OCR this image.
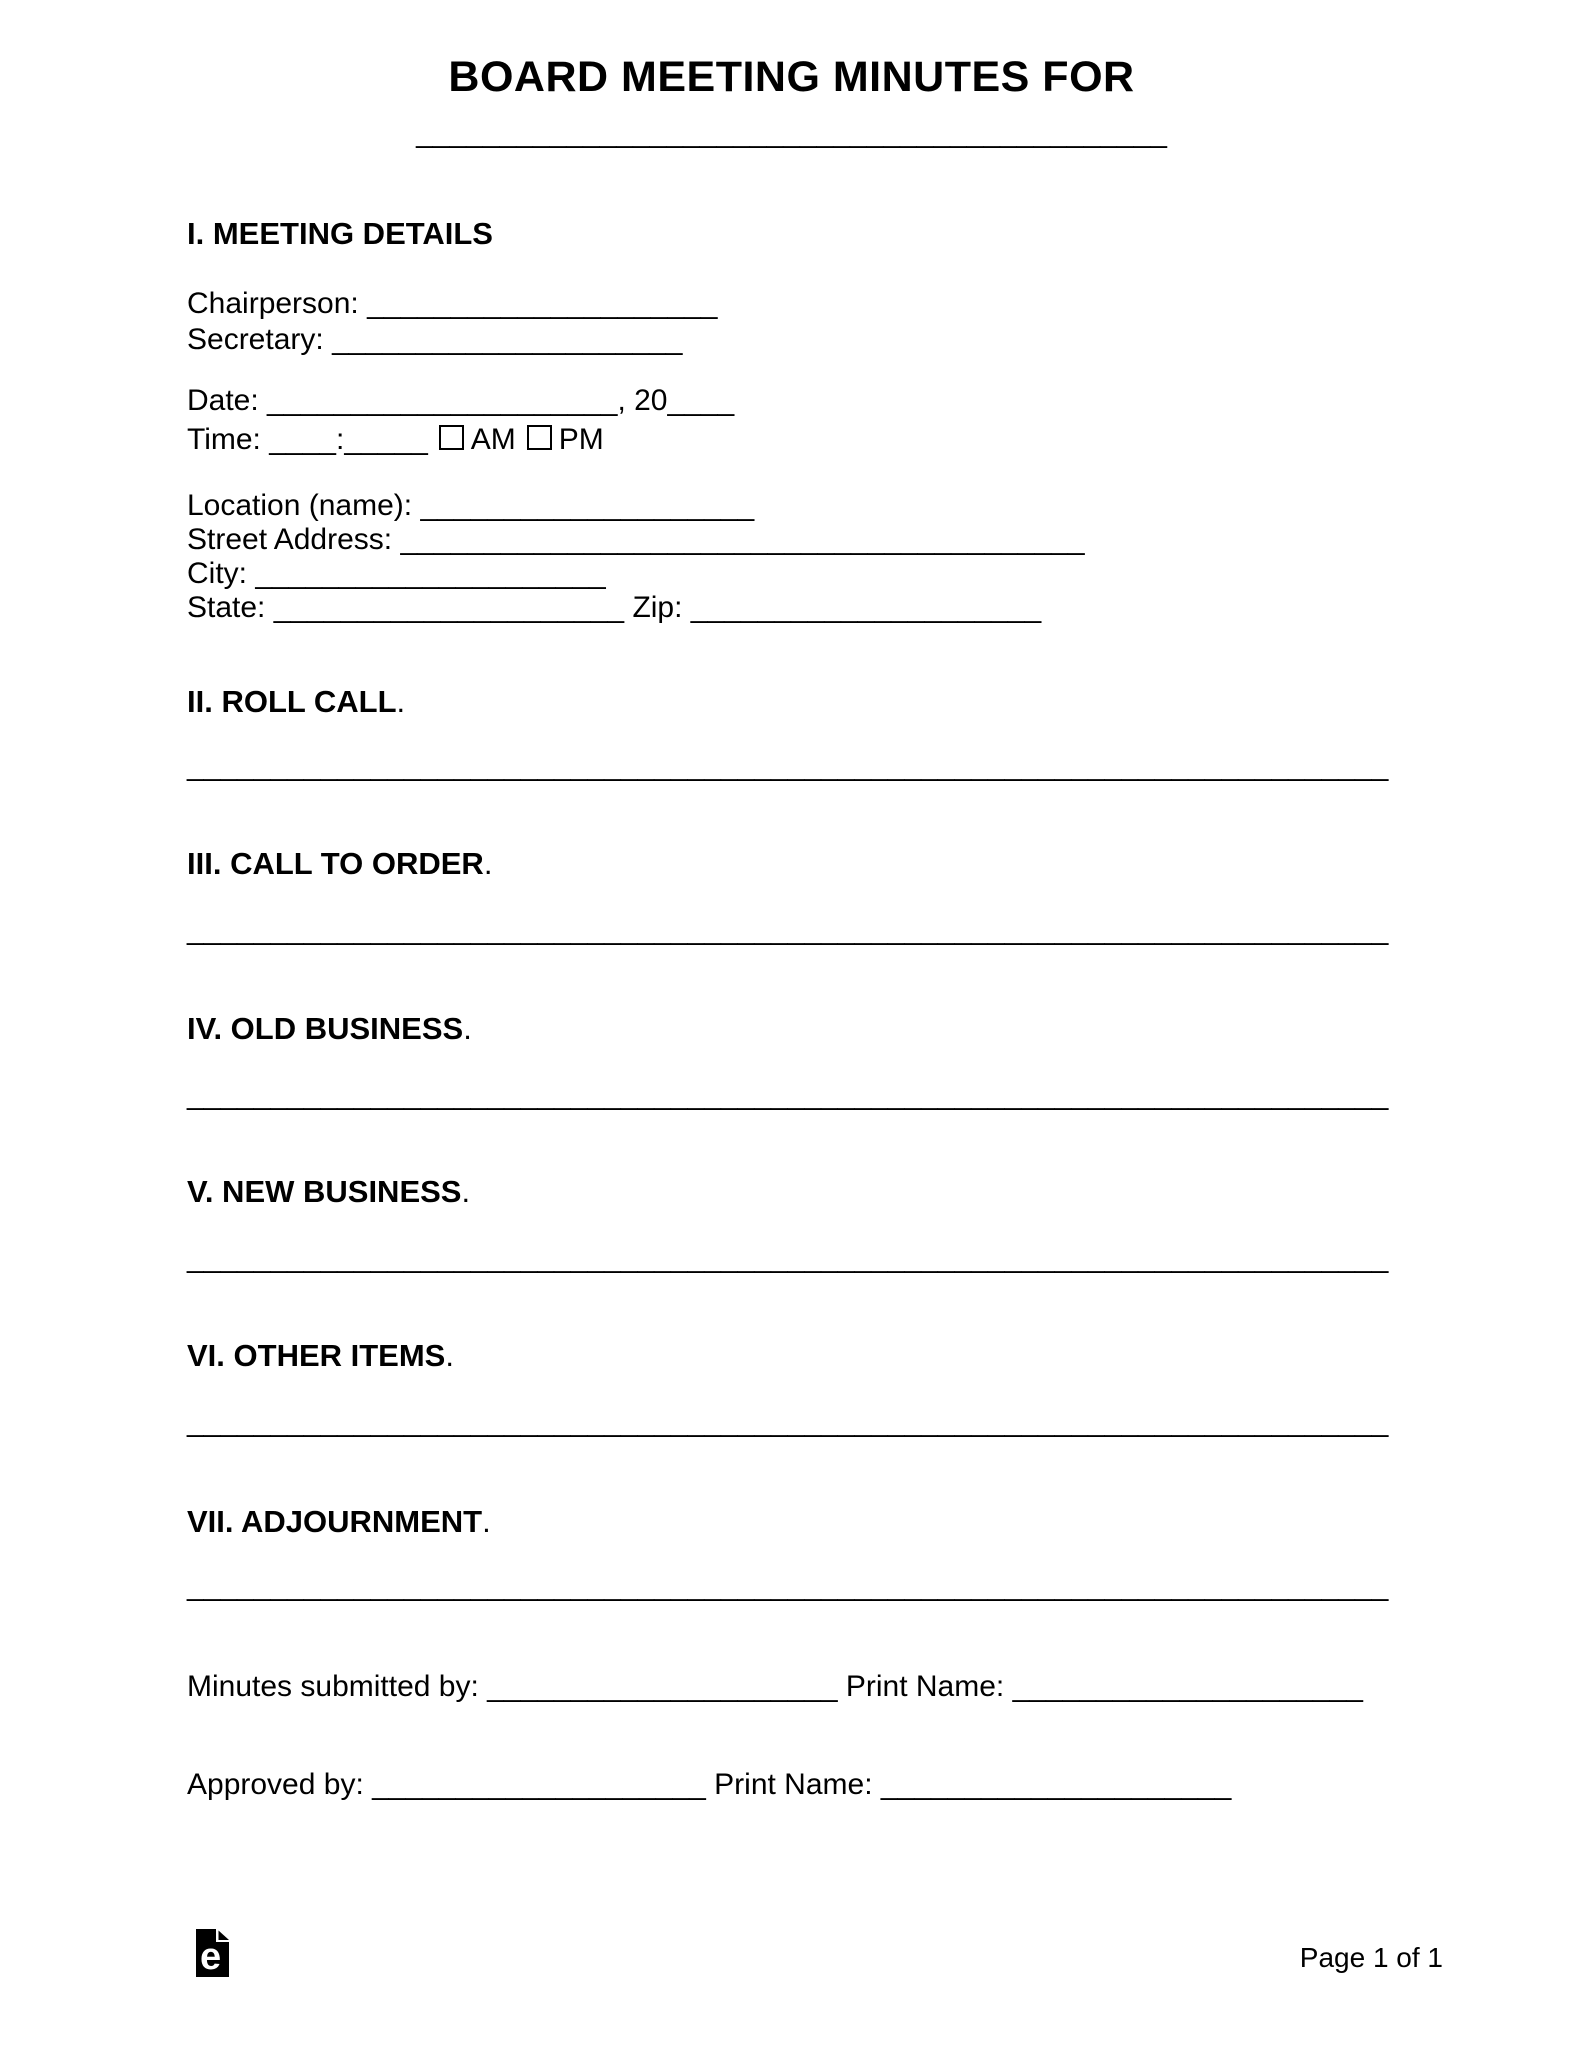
BOARD MEETING MINUTES FOR
_____________________________________________
I. MEETING DETAILS
Chairperson: _____________________
Secretary: _____________________
Date: _____________________, 20____
Time: ____:_____ AM PM
Location (name): ____________________
Street Address: _________________________________________
City: _____________________
State: _____________________ Zip: _____________________
II. ROLL CALL.
________________________________________________________________________
III. CALL TO ORDER.
________________________________________________________________________
IV. OLD BUSINESS.
________________________________________________________________________
V. NEW BUSINESS.
________________________________________________________________________
VI. OTHER ITEMS.
________________________________________________________________________
VII. ADJOURNMENT.
________________________________________________________________________
Minutes submitted by: _____________________ Print Name: _____________________
Approved by: ____________________ Print Name: _____________________
e	Page 1 of 1
